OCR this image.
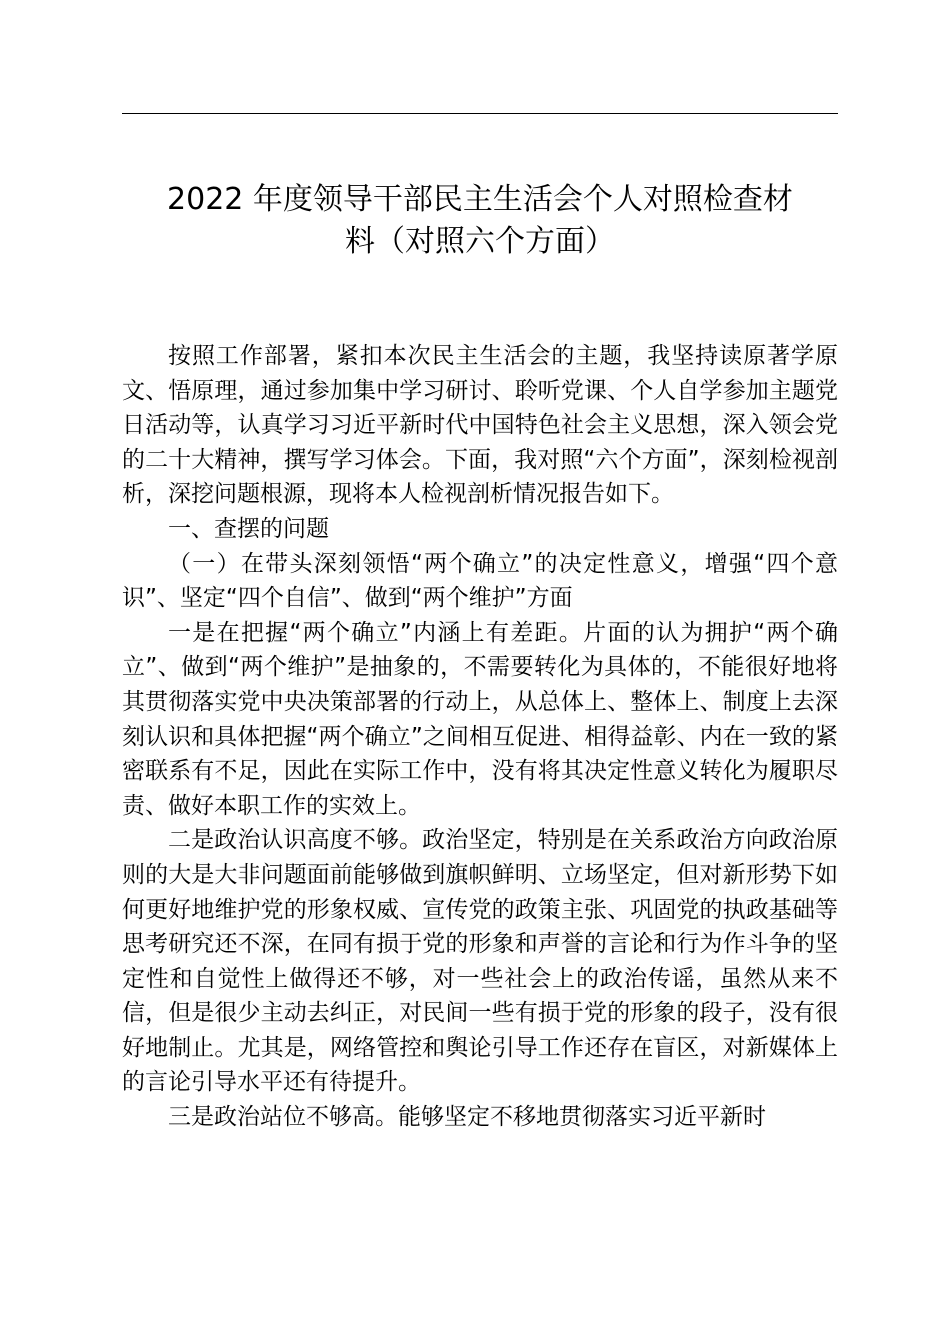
2022 年度领导干部民主生活会个人对照检查材
料（对照六个方面）

按照工作部署，紧扣本次民主生活会的主题，我坚持读原著学原文、悟原理，通过参加集中学习研讨、聆听党课、个人自学参加主题党日活动等，认真学习习近平新时代中国特色社会主义思想，深入领会党的二十大精神，撰写学习体会。下面，我对照“六个方面”，深刻检视剖析，深挖问题根源，现将本人检视剖析情况报告如下。

一、查摆的问题

（一）在带头深刻领悟“两个确立”的决定性意义，增强“四个意识”、坚定“四个自信”、做到“两个维护”方面

一是在把握“两个确立”内涵上有差距。片面的认为拥护“两个确立”、做到“两个维护”是抽象的，不需要转化为具体的，不能很好地将其贯彻落实党中央决策部署的行动上，从总体上、整体上、制度上去深刻认识和具体把握“两个确立”之间相互促进、相得益彰、内在一致的紧密联系有不足，因此在实际工作中，没有将其决定性意义转化为履职尽责、做好本职工作的实效上。

二是政治认识高度不够。政治坚定，特别是在关系政治方向政治原则的大是大非问题面前能够做到旗帜鲜明、立场坚定，但对新形势下如何更好地维护党的形象权威、宣传党的政策主张、巩固党的执政基础等思考研究还不深，在同有损于党的形象和声誉的言论和行为作斗争的坚定性和自觉性上做得还不够，对一些社会上的政治传谣，虽然从来不信，但是很少主动去纠正，对民间一些有损于党的形象的段子，没有很好地制止。尤其是，网络管控和舆论引导工作还存在盲区，对新媒体上的言论引导水平还有待提升。

三是政治站位不够高。能够坚定不移地贯彻落实习近平新时
